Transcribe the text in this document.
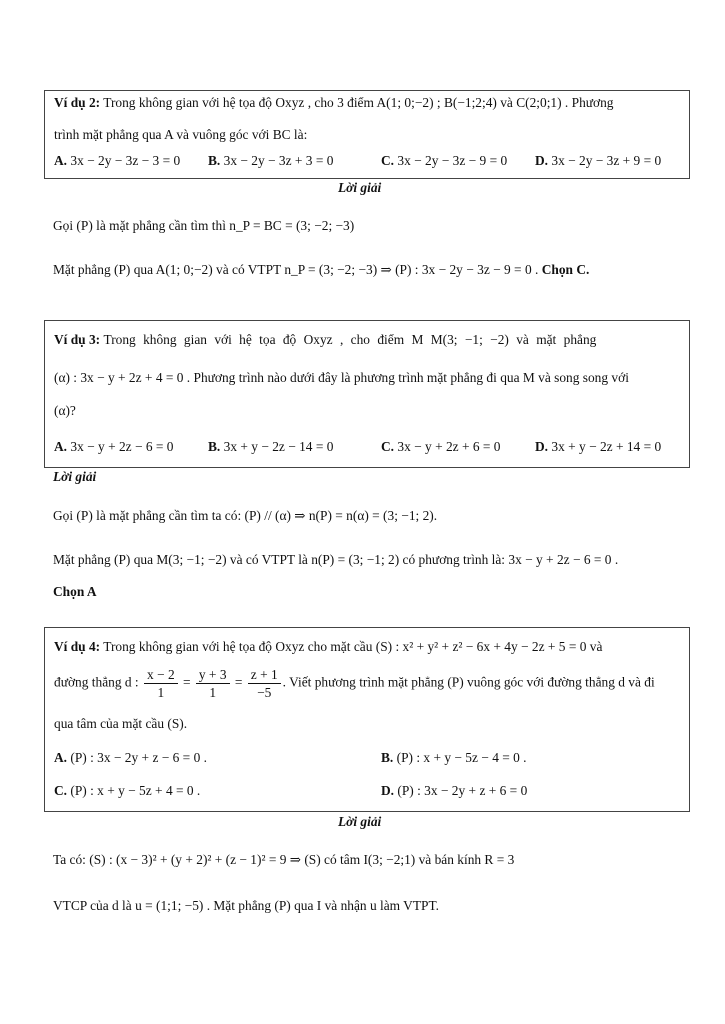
Ví dụ 2: Trong không gian với hệ tọa độ Oxyz , cho 3 điểm A(1; 0;−2) ; B(−1;2;4) và C(2;0;1) . Phương
trình mặt phẳng qua A và vuông góc với BC là:
A. 3x − 2y − 3z − 3 = 0 B. 3x − 2y − 3z + 3 = 0	C. 3x − 2y − 3z − 9 = 0 D. 3x − 2y − 3z + 9 = 0
Lời giải
Gọi (P) là mặt phẳng cần tìm thì n_P = BC = (3; −2; −3)
Mặt phẳng (P) qua A(1; 0;−2) và có VTPT n_P = (3; −2; −3) ⇒ (P) : 3x − 2y − 3z − 9 = 0 . Chọn C.
Ví dụ 3: Trong không gian với hệ tọa độ Oxyz , cho điểm M M(3; −1; −2) và mặt phẳng
(α) : 3x − y + 2z + 4 = 0 . Phương trình nào dưới đây là phương trình mặt phẳng đi qua M và song song với
(α)?
A. 3x − y + 2z − 6 = 0	B. 3x + y − 2z − 14 = 0	C. 3x − y + 2z + 6 = 0	D. 3x + y − 2z + 14 = 0
Lời giải
Gọi (P) là mặt phẳng cần tìm ta có: (P) // (α) ⇒ n(P) = n(α) = (3; −1; 2).
Mặt phẳng (P) qua M(3; −1; −2) và có VTPT là n(P) = (3; −1; 2) có phương trình là: 3x − y + 2z − 6 = 0 .
Chọn A
Ví dụ 4: Trong không gian với hệ tọa độ Oxyz cho mặt cầu (S) : x² + y² + z² − 6x + 4y − 2z + 5 = 0 và
đường thẳng d : $\frac{x - 2}{1} = \frac{y + 3}{1} = \frac{z + 1}{-5}$ . Viết phương trình mặt phẳng (P) vuông góc với đường thẳng d và đi
qua tâm của mặt cầu (S).
A. (P) : 3x − 2y + z − 6 = 0 .	B. (P) : x + y − 5z − 4 = 0 .
C. (P) : x + y − 5z + 4 = 0 .	D. (P) : 3x − 2y + z + 6 = 0
Lời giải
Ta có: (S) : (x − 3)² + (y + 2)² + (z − 1)² = 9 ⇒ (S) có tâm I(3; −2;1) và bán kính R = 3
VTCP của d là u = (1;1; −5) . Mặt phẳng (P) qua I và nhận u làm VTPT.
